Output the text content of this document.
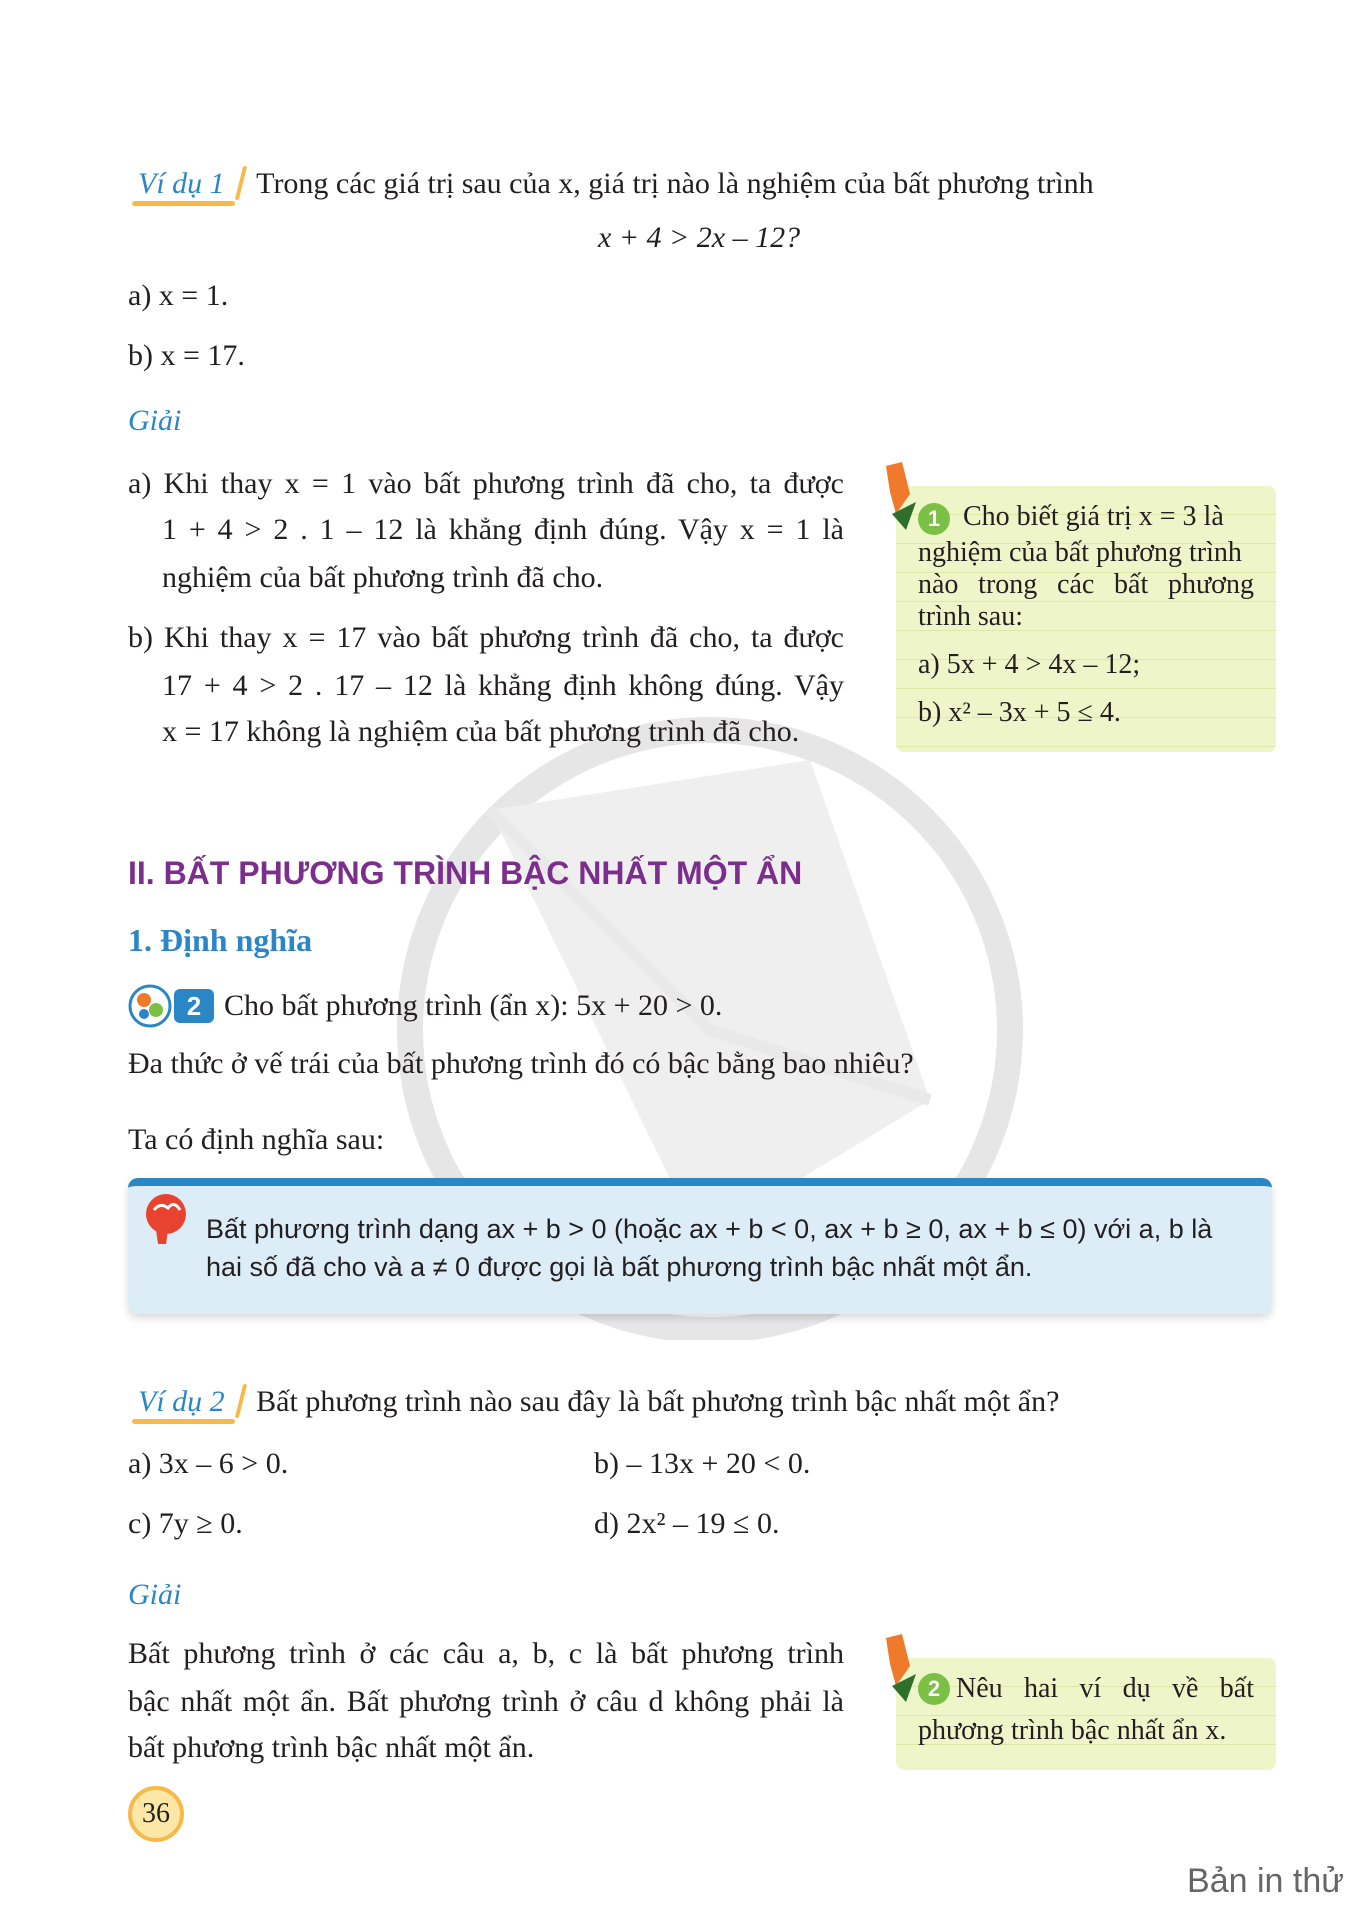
Ví dụ 1 Trong các giá trị sau của x, giá trị nào là nghiệm của bất phương trình
x + 4 > 2x – 12?
a) x = 1.
b) x = 17.
Giải
a) Khi thay x = 1 vào bất phương trình đã cho, ta được
1 + 4 > 2 . 1 – 12 là khẳng định đúng. Vậy x = 1 là
nghiệm của bất phương trình đã cho.
b) Khi thay x = 17 vào bất phương trình đã cho, ta được
17 + 4 > 2 . 17 – 12 là khẳng định không đúng. Vậy
x = 17 không là nghiệm của bất phương trình đã cho.
1 Cho biết giá trị x = 3 là
nghiệm của bất phương trình
nào trong các bất phương
trình sau:
a) 5x + 4 > 4x – 12;
b) x² – 3x + 5 ≤ 4.
II. BẤT PHƯƠNG TRÌNH BẬC NHẤT MỘT ẨN
1. Định nghĩa
2 Cho bất phương trình (ẩn x): 5x + 20 > 0.
Đa thức ở vế trái của bất phương trình đó có bậc bằng bao nhiêu?
Ta có định nghĩa sau:
Bất phương trình dạng ax + b > 0 (hoặc ax + b < 0, ax + b ≥ 0, ax + b ≤ 0) với a, b là
hai số đã cho và a ≠ 0 được gọi là bất phương trình bậc nhất một ẩn.
Ví dụ 2 Bất phương trình nào sau đây là bất phương trình bậc nhất một ẩn?
a) 3x – 6 > 0.	b) – 13x + 20 < 0.
c) 7y ≥ 0.	d) 2x² – 19 ≤ 0.
Giải
Bất phương trình ở các câu a, b, c là bất phương trình
bậc nhất một ẩn. Bất phương trình ở câu d không phải là
bất phương trình bậc nhất một ẩn.
2 Nêu hai ví dụ về bất
phương trình bậc nhất ẩn x.
36
Bản in thử
